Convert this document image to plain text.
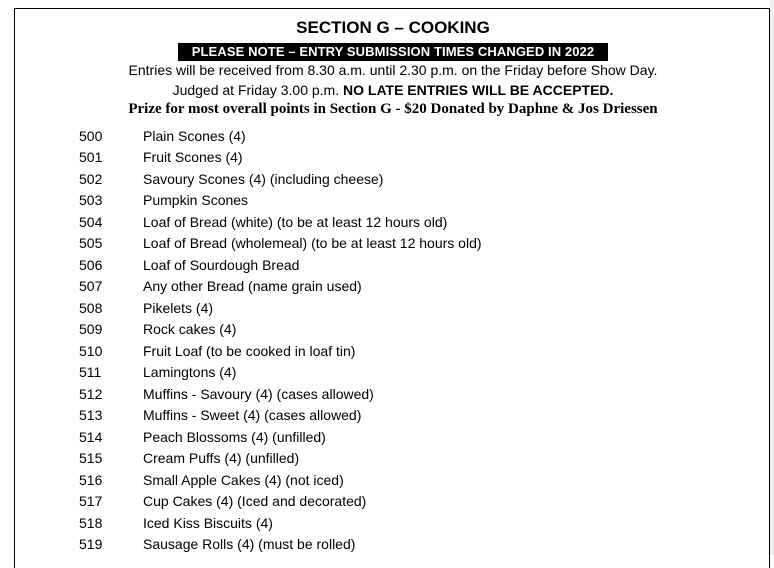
SECTION G – COOKING
PLEASE NOTE – ENTRY SUBMISSION TIMES CHANGED IN 2022
Entries will be received from 8.30 a.m. until 2.30 p.m. on the Friday before Show Day.
Judged at Friday 3.00 p.m. NO LATE ENTRIES WILL BE ACCEPTED.
Prize for most overall points in Section G - $20 Donated by Daphne & Jos Driessen
500	Plain Scones (4)
501	Fruit Scones (4)
502	Savoury Scones (4) (including cheese)
503	Pumpkin Scones
504	Loaf of Bread (white) (to be at least 12 hours old)
505	Loaf of Bread (wholemeal) (to be at least 12 hours old)
506	Loaf of Sourdough Bread
507	Any other Bread (name grain used)
508	Pikelets (4)
509	Rock cakes (4)
510	Fruit Loaf (to be cooked in loaf tin)
511	Lamingtons (4)
512	Muffins - Savoury (4) (cases allowed)
513	Muffins - Sweet (4) (cases allowed)
514	Peach Blossoms (4) (unfilled)
515	Cream Puffs (4) (unfilled)
516	Small Apple Cakes (4) (not iced)
517	Cup Cakes (4) (Iced and decorated)
518	Iced Kiss Biscuits (4)
519	Sausage Rolls (4) (must be rolled)
